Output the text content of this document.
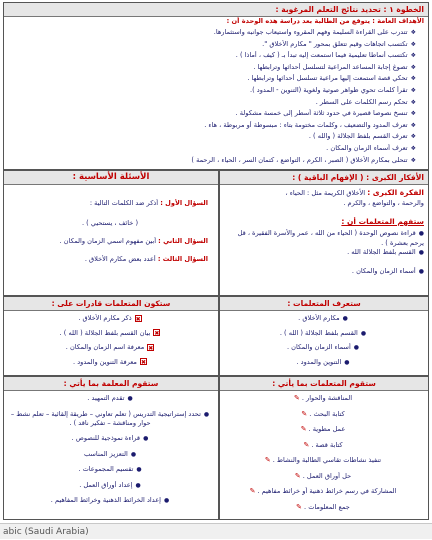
الخطوة ١ : تحديد نتائج التعلم المرغوبة :
الأهداف العامة : يتوقع من الطالبة بعد دراسة هذه الوحدة أن :
❖تتدرب على القراءة السليمة وفهم المقروء واستيعاب جوانبه واستثمارها.
❖تكتسب اتجاهات وقيم تتعلق بمحور " مكارم الأخلاق ".
❖تكتسب أنماطا تعليمية فيما استمعت إليه تبدأ بـ ( كيف ، أماذا ) .
❖تصوغ إجابة المساعد المراعية لتسلسل أحداثها وترابطها .
❖تحكي قصة استمعت إليها مراعية تسلسل أحداثها وترابطها .
❖تقرأ كلمات تحوي ظواهر صوتية ولغوية (التنوين - المدود ).
❖تحكم رسم الكلمات على السطر .
❖تنسخ نصوصا قصيرة في حدود ثلاثة أسطر إلى خمسة مشكولة .
❖تعرف المدود والتضعيف ، وكلمات مختومة بتاء : مبسوطة أو مربوطة ، هاء .
❖تعرف القسم بلفظ الجلالة ( والله ) .
❖تعرف أسماء الزمان والمكان .
❖تتحلى بمكارم الأخلاق ( الصبر ، الكرم ، التواضع ، كتمان السر ، الحياء ، الرحمة )
الأفكار الكبرى : ( الإفهام الباقية ) :
الفكرة الكبرى : الأخلاق الكريمة مثل : الحياء ،
والرحمة ، والتواضع ، والكرم .
ستفهم المتعلمات أن :
●قراءة نصوص الوحدة ( الحياء من الله ، عمر والأسرة الفقيرة ، قل يرحم بعشرة ) .
●القسم بلفظ الجلالة الله .
●أسماء الزمان والمكان .
الأسئلة الأساسية :
السؤال الأول : أذكر ضد الكلمات التالية :
( خائف ، يستحيي ) .
السؤال الثاني : أبين مفهوم اسمي الزمان والمكان .
السؤال الثالث : أعدد بعض مكارم الأخلاق .
ستعرف المتعلمات :
●مكارم الأخلاق .
●القسم بلفظ الجلالة ( الله ) .
●أسماء الزمان والمكان .
●التنوين والمدود .
ستكون المتعلمات قادرات على :
✖ذكر مكارم الأخلاق .
✖بيان القسم بلفظ الجلالة ( الله ) .
✖معرفة اسم الزمان والمكان .
✖معرفة التنوين والمدود .
ستقوم المتعلمات بما يأتي :
المناقشة والحوار .✎
كتابة البحث .✎
عمل مطوية .✎
كتابة قصة .✎
تنفيذ نشاطات تقاسي الطالبة والنشاط .✎
حل أوراق العمل .✎
المشاركة في رسم خرائط ذهنية أو خرائط مفاهيم .✎
جمع المعلومات .✎
ستقوم المعلمة بما يأتي :
●تقدم التمهيد .
●تحدد إستراتيجية التدريس ( تعلم تعاوني – طريقة إلقائية – تعلم نشط – حوار ومناقشة – تفكير ناقد ) .
●قراءة نموذجية للنصوص .
●التعزيز المناسب
●تقسيم المجموعات .
●إعداد أوراق العمل .
●إعداد الخرائط الذهنية وخرائط المفاهيم .
abic (Saudi Arabia)
